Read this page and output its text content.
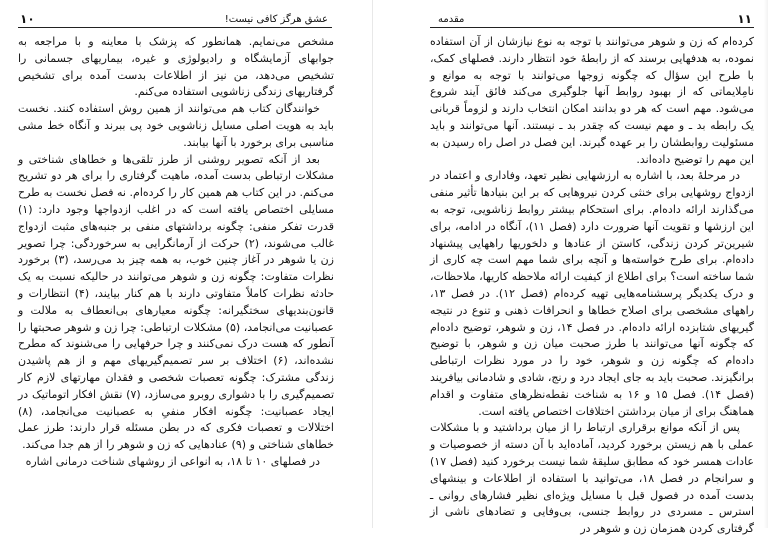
۱۰	عشق هرگز کافی نیست!

مشخص می‌نمایم. همانطور که پزشک با معاینه و با مراجعه به جوابهای آزمایشگاه و رادیولوژی و غیره، بیماریهای جسمانی را تشخیص می‌دهد، من نیز از اطلاعات بدست آمده برای تشخیص گرفتاریهای زندگی زناشویی استفاده می‌کنم.

خوانندگان کتاب هم می‌توانند از همین روش استفاده کنند. نخست باید به هویت اصلی مسایل زناشویی خود پی ببرند و آنگاه خط مشی مناسبی برای برخورد با آنها بیابند.

بعد از آنکه تصویر روشنی از طرز تلقی‌ها و خطاهای شناختی و مشکلات ارتباطی بدست آمده، ماهیت گرفتاری را برای هر دو تشریح می‌کنم. در این کتاب هم همین کار را کرده‌ام. نه فصل نخست به طرح مسایلی اختصاص یافته است که در اغلب ازدواجها وجود دارد: (۱) قدرت تفکر منفی: چگونه برداشتهای منفی بر جنبه‌های مثبت ازدواج غالب می‌شوند، (۲) حرکت از آرمانگرایی به سرخوردگی: چرا تصویر زن یا شوهر در آغاز چنین خوب، به همه چیز بد می‌رسد، (۳) برخورد نظرات متفاوت: چگونه زن و شوهر می‌توانند در حالیکه نسبت به یک حادثه نظرات کاملاً متفاوتی دارند با هم کنار بیایند، (۴) انتظارات و قانون‌بندیهای سختگیرانه: چگونه معیارهای بی‌انعطاف به ملالت و عصبانیت می‌انجامد، (۵) مشکلات ارتباطی: چرا زن و شوهر صحبتها را آنطور که هست درک نمی‌کنند و چرا حرفهایی را می‌شنوند که مطرح نشده‌اند، (۶) اختلاف بر سر تصمیم‌گیریهای مهم و از هم پاشیدن زندگی مشترک: چگونه تعصبات شخصی و فقدان مهارتهای لازم کار تصمیم‌گیری را با دشواری روبرو می‌سازد، (۷) نقش افکار اتوماتیک در ایجاد عصبانیت: چگونه افکار منفیِ به عصبانیت می‌انجامد، (۸) اختلالات و تعصبات فکری که در بطن مسئله قرار دارند: طرز عمل خطاهای شناختی و (۹) عنادهایی که زن و شوهر را از هم جدا می‌کند.

در فصلهای ۱۰ تا ۱۸، به انواعی از روشهای شناخت درمانی اشاره

۱۱
مقدمه

کرده‌ام که زن و شوهر می‌توانند با توجه به نوع نیازشان از آن استفاده نموده، به هدفهایی برسند که از رابطهٔ خود انتظار دارند. فصلهای کمک، با طرح این سؤال که چگونه زوجها می‌توانند با توجه به موانع و نامِلایماتی که از بهبود روابط آنها جلوگیری می‌کند فائق آیند شروع می‌شود. مهم است که هر دو بدانند امکان انتخاب دارند و لزوماً قربانی یک رابطه بد ـ و مهم نیست که چقدر بد ـ نیستند. آنها می‌توانند و باید مسئولیت روابطشان را بر عهده گیرند. این فصل در اصل راه رسیدن به این مهم را توضیح داده‌اند.

در مرحلهٔ بعد، با اشاره به ارزشهایی نظیر تعهد، وفاداری و اعتماد در ازدواج روشهایی برای خنثی کردن نیروهایی که بر این بنیادها تأثیر منفی می‌گذارند ارائه داده‌ام. برای استحکام بیشتر روابط زناشویی، توجه به این ارزشها و تقویت آنها ضرورت دارد (فصل ۱۱)، آنگاه در ادامه، برای شیرین‌تر کردن زندگی، کاستن از عنادها و دلخوریها راههایی پیشنهاد داده‌ام. برای طرح خواسته‌ها و آنچه برای شما مهم است چه کاری از شما ساخته است؟ برای اطلاع از کیفیت ارائه ملاحظه کاریها، ملاحظات، و درک یکدیگر پرسشنامه‌هایی تهیه کرده‌ام (فصل ۱۲). در فصل ۱۳، راههای مشخصی برای اصلاح خطاها و انحرافات ذهنی و تنوع در نتیجه گیریهای شتابزده ارائه داده‌ام. در فصل ۱۴، زن و شوهر، توضیح داده‌ام که چگونه آنها می‌توانند با طرز صحبت میان زن و شوهر، با توضیح داده‌ام که چگونه زن و شوهر، خود را در مورد نظرات ارتباطی برانگیزند. صحبت باید به جای ایجاد درد و رنج، شادی و شادمانی بیافریند (فصل ۱۴). فصل ۱۵ و ۱۶ به شناخت نقطه‌نظرهای متفاوت و اقدام هماهنگ برای از میان برداشتن اختلافات اختصاص یافته است.

پس از آنکه موانع برقراری ارتباط را از میان برداشتید و با مشکلات عملی با هم زیستن برخورد کردید، آماده‌اید با آن دسته از خصوصیات و عادات همسر خود که مطابق سلیقهٔ شما نیست برخورد کنید (فصل ۱۷) و سرانجام در فصل ۱۸، می‌توانید با استفاده از اطلاعات و بینشهای بدست آمده در فصول قبل با مسایل ویژه‌ای نظیر فشارهای روانی ـ استرس ـ مسردی در روابط جنسی، بی‌وفایی و تضادهای ناشی از گرفتاری کردن همزمان زن و شوهر در
